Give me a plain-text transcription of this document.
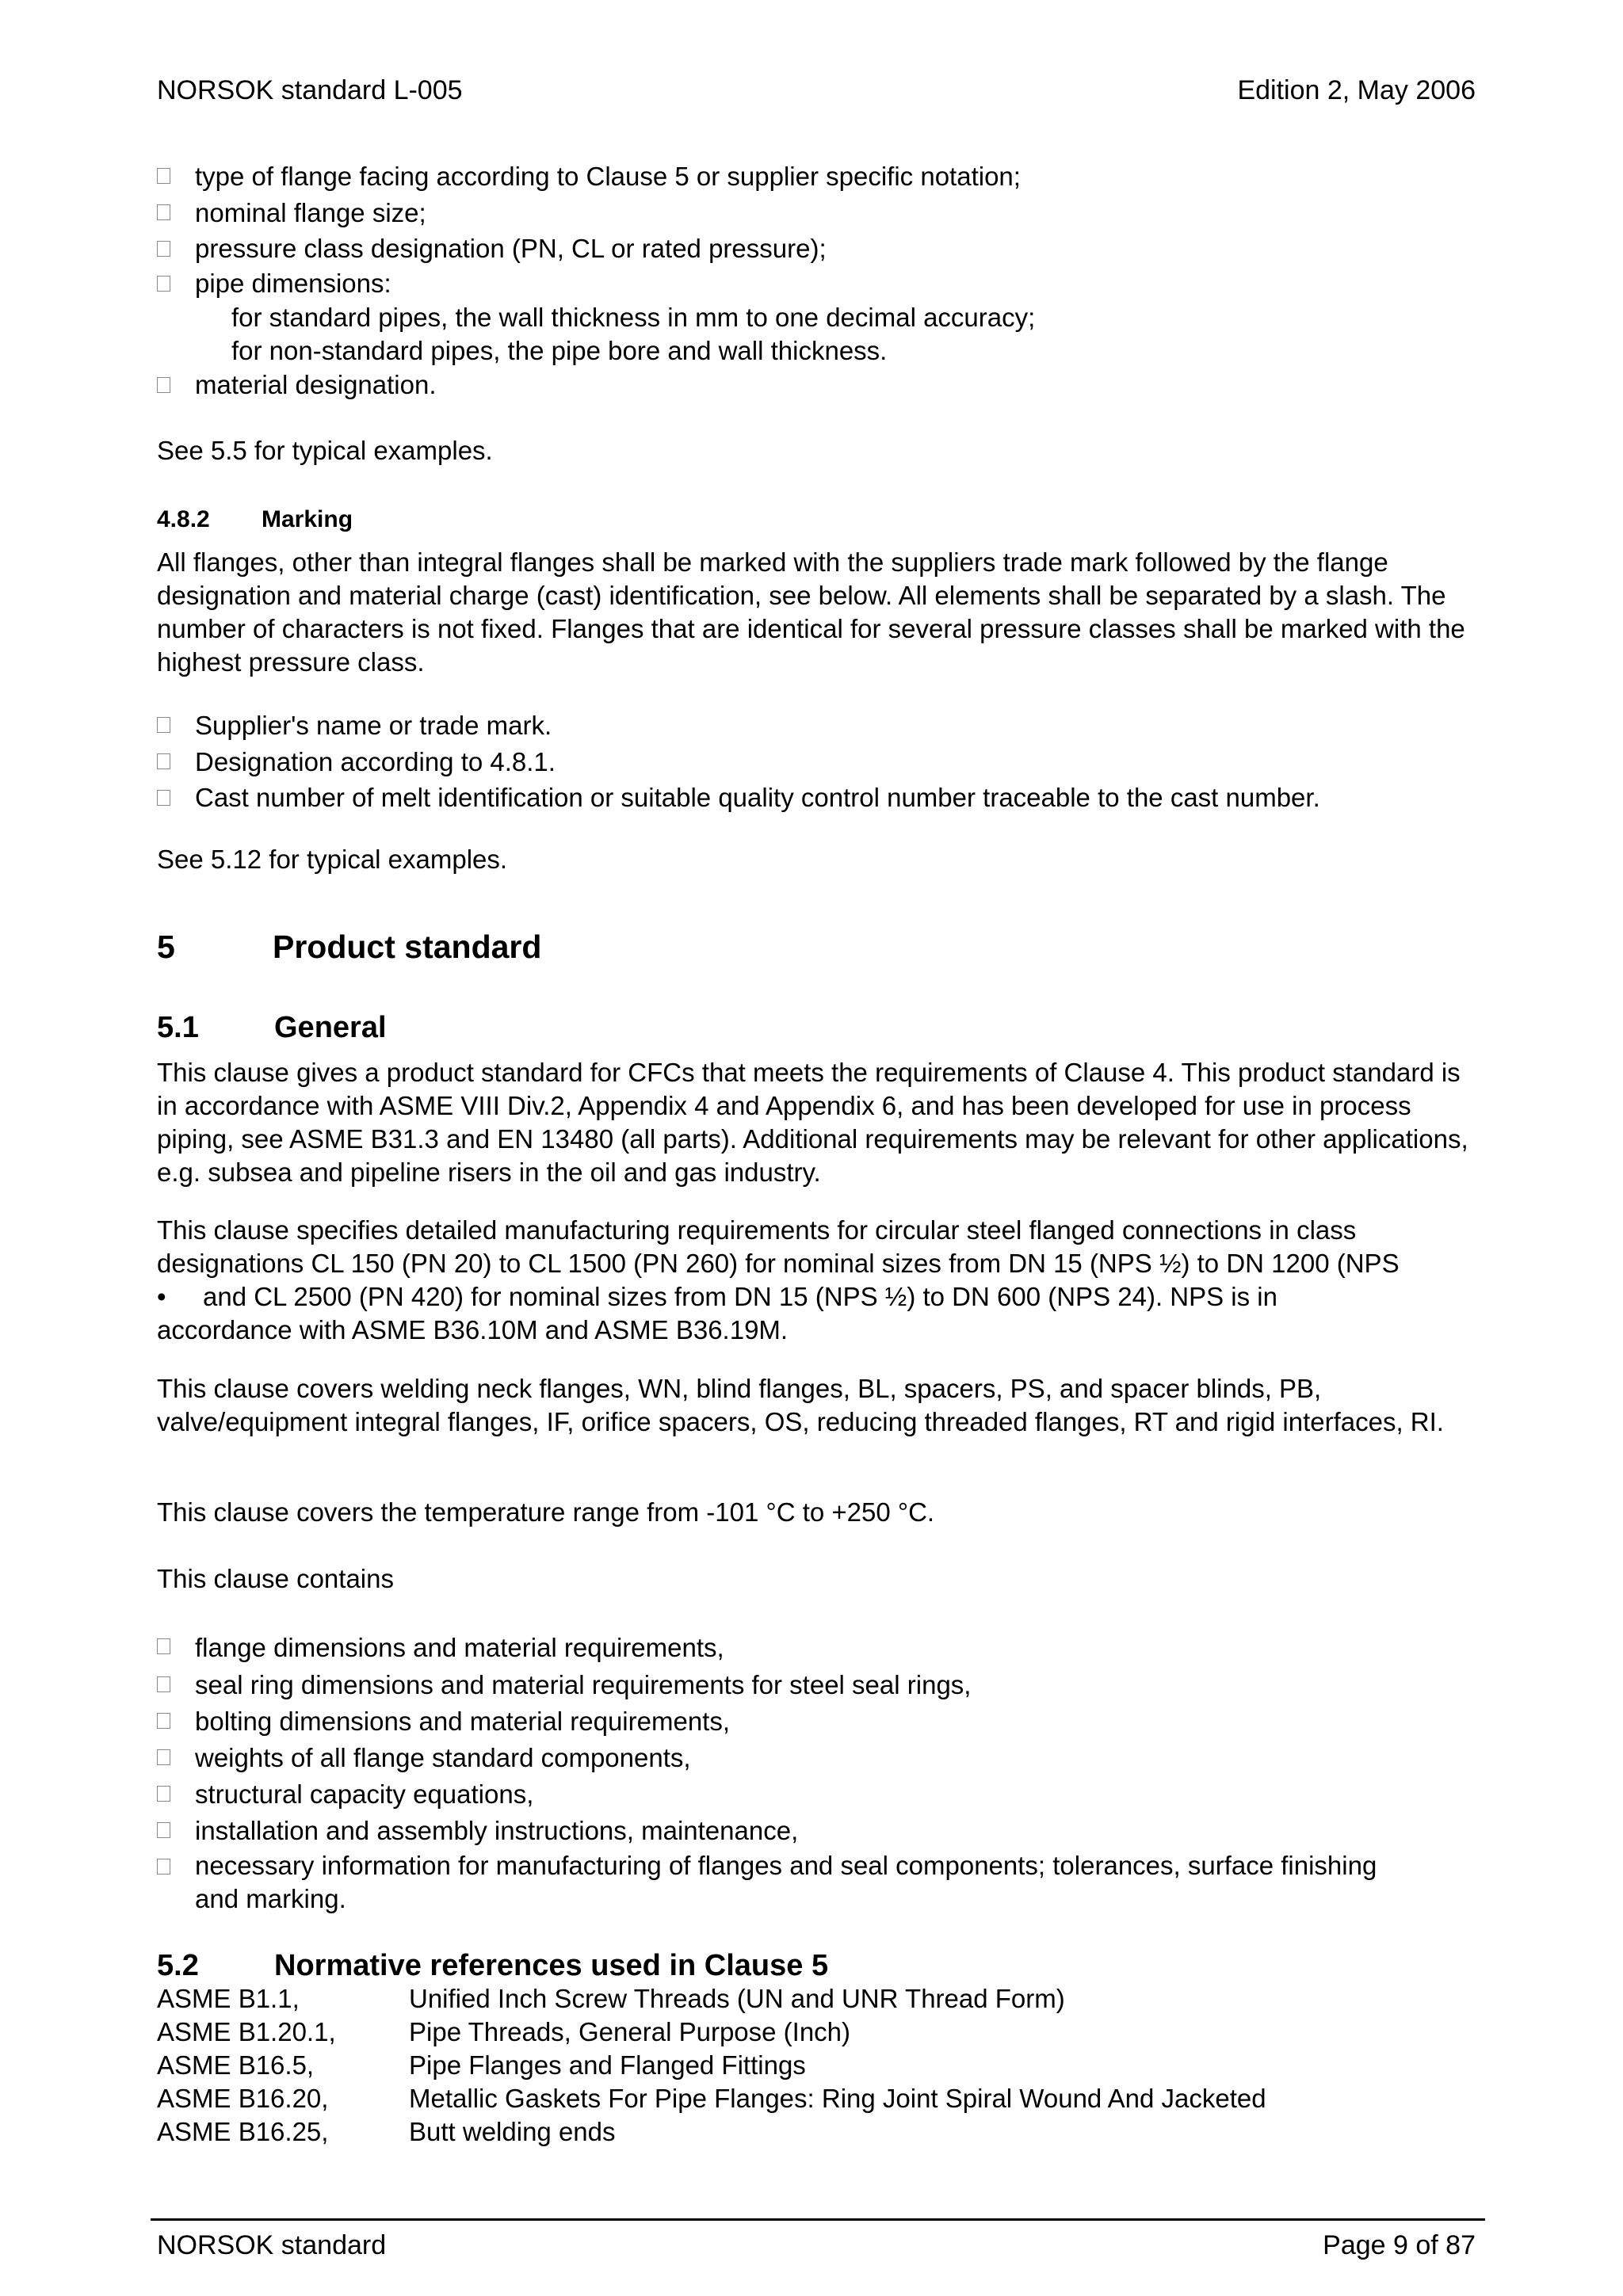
NORSOK standard L-005	Edition 2, May 2006
type of flange facing according to Clause 5 or supplier specific notation;
nominal flange size;
pressure class designation (PN, CL or rated pressure);
pipe dimensions:
for standard pipes, the wall thickness in mm to one decimal accuracy;
for non-standard pipes, the pipe bore and wall thickness.
material designation.
See 5.5 for typical examples.
4.8.2 Marking
All flanges, other than integral flanges shall be marked with the suppliers trade mark followed by the flange designation and material charge (cast) identification, see below. All elements shall be separated by a slash. The number of characters is not fixed. Flanges that are identical for several pressure classes shall be marked with the highest pressure class.
Supplier's name or trade mark.
Designation according to 4.8.1.
Cast number of melt identification or suitable quality control number traceable to the cast number.
See 5.12 for typical examples.
5	Product standard
5.1	General
This clause gives a product standard for CFCs that meets the requirements of Clause 4. This product standard is in accordance with ASME VIII Div.2, Appendix 4 and Appendix 6, and has been developed for use in process piping, see ASME B31.3 and EN 13480 (all parts). Additional requirements may be relevant for other applications, e.g. subsea and pipeline risers in the oil and gas industry.
This clause specifies detailed manufacturing requirements for circular steel flanged connections in class
designations CL 150 (PN 20) to CL 1500 (PN 260) for nominal sizes from DN 15 (NPS ½) to DN 1200 (NPS
• and CL 2500 (PN 420) for nominal sizes from DN 15 (NPS ½) to DN 600 (NPS 24). NPS is in
accordance with ASME B36.10M and ASME B36.19M.
This clause covers welding neck flanges, WN, blind flanges, BL, spacers, PS, and spacer blinds, PB, valve/equipment integral flanges, IF, orifice spacers, OS, reducing threaded flanges, RT and rigid interfaces, RI.
This clause covers the temperature range from -101 °C to +250 °C.
This clause contains
flange dimensions and material requirements,
seal ring dimensions and material requirements for steel seal rings,
bolting dimensions and material requirements,
weights of all flange standard components,
structural capacity equations,
installation and assembly instructions, maintenance,
necessary information for manufacturing of flanges and seal components; tolerances, surface finishing
and marking.
5.2	Normative references used in Clause 5
ASME B1.1,	Unified Inch Screw Threads (UN and UNR Thread Form)
ASME B1.20.1,	Pipe Threads, General Purpose (Inch)
ASME B16.5,	Pipe Flanges and Flanged Fittings
ASME B16.20,	Metallic Gaskets For Pipe Flanges: Ring Joint Spiral Wound And Jacketed
ASME B16.25,	Butt welding ends
NORSOK standard	Page 9 of 87
